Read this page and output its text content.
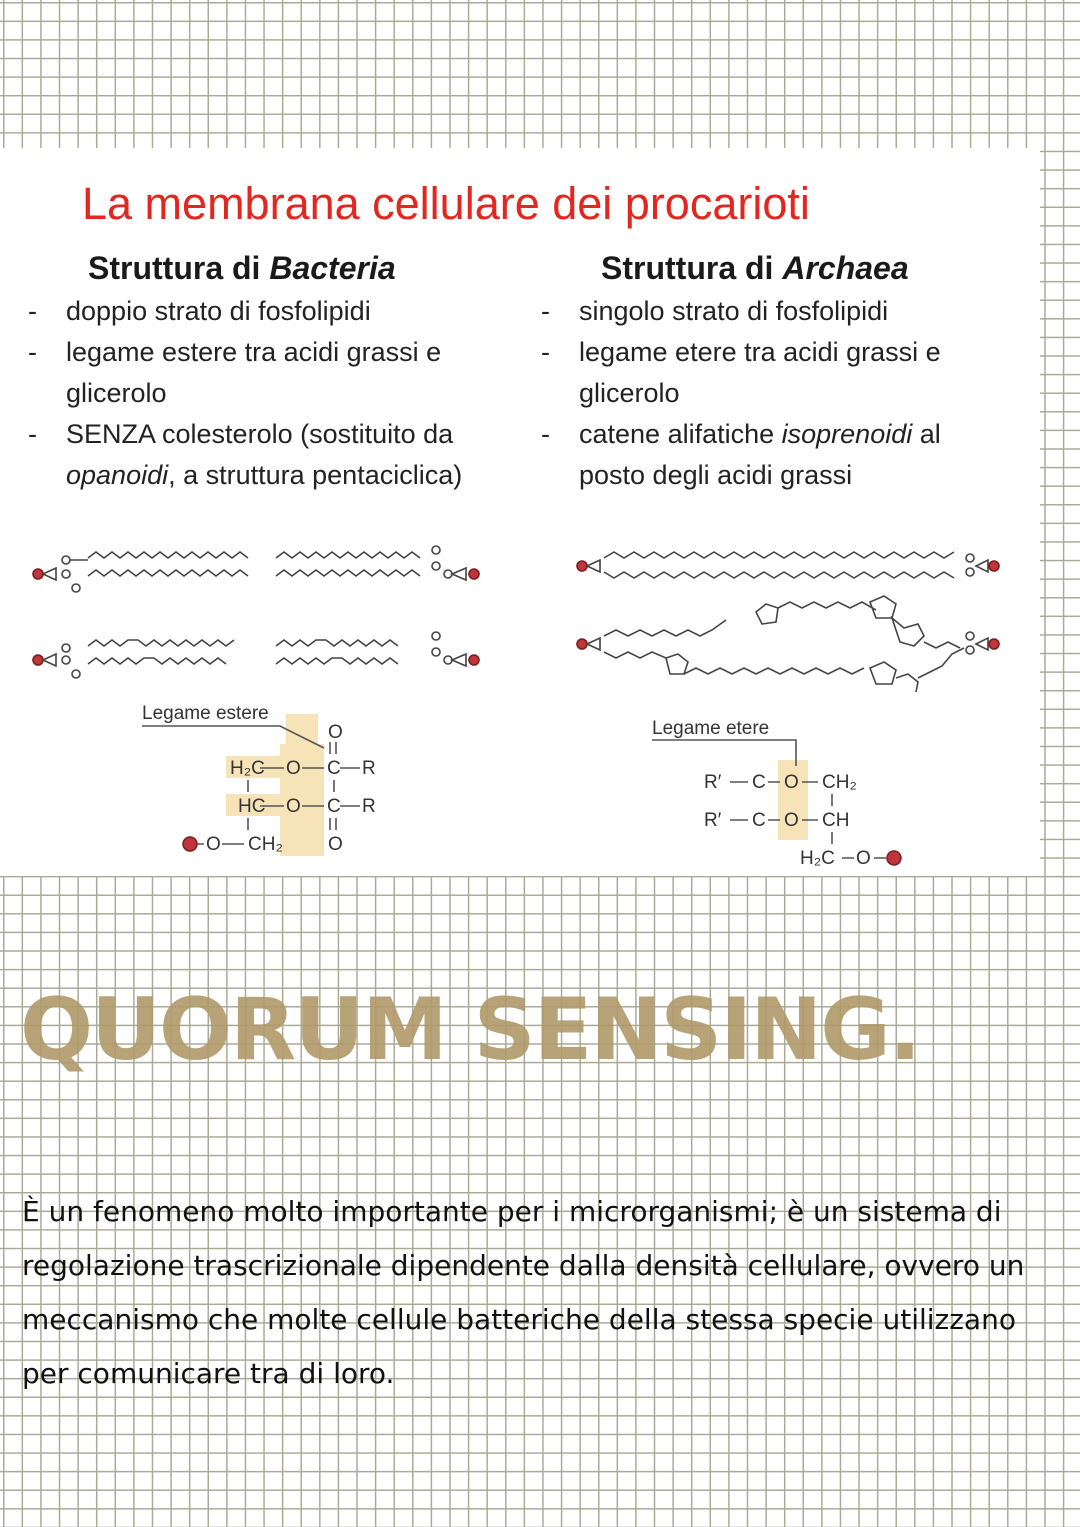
La membrana cellulare dei procarioti
Struttura di Bacteria
- doppio strato di fosfolipidi
- legame estere tra acidi grassi e glicerolo
- SENZA colesterolo (sostituito da opanoidi, a struttura pentaciclica)
Struttura di Archaea
- singolo strato di fosfolipidi
- legame etere tra acidi grassi e glicerolo
- catene alifatiche isoprenoidi al posto degli acidi grassi
Legame estere
O
H₂C O C R
HC O C R
O CH₂ O
Legame etere
R′ C O CH₂
R′ C O CH
H₂C O
QUORUM SENSING.

È un fenomeno molto importante per i microrganismi; è un sistema di regolazione trascrizionale dipendente dalla densità cellulare, ovvero un meccanismo che molte cellule batteriche della stessa specie utilizzano per comunicare tra di loro.
